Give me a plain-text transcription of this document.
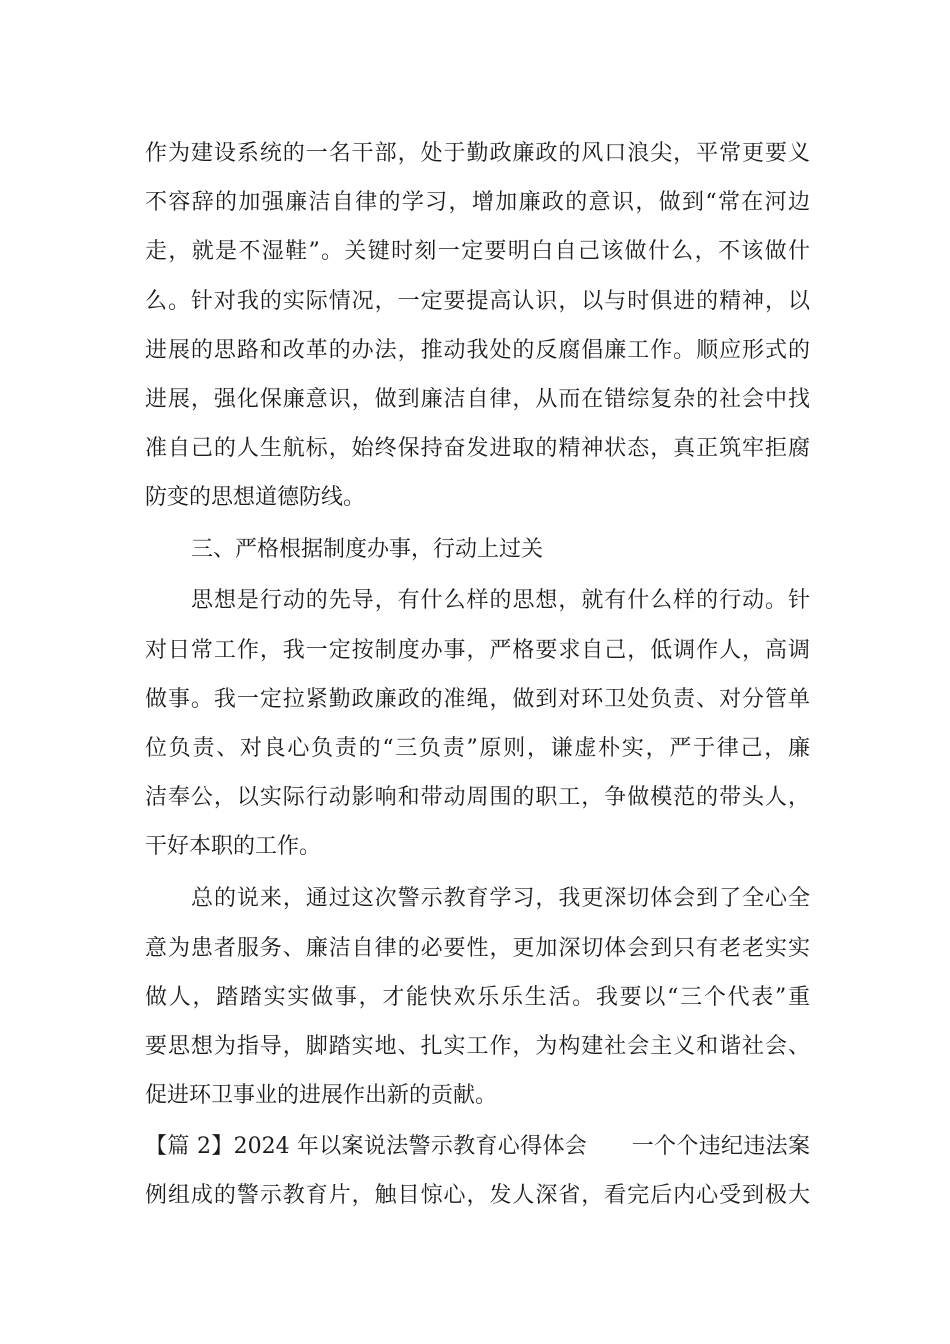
作为建设系统的一名干部，处于勤政廉政的风口浪尖，平常更要义
不容辞的加强廉洁自律的学习，增加廉政的意识，做到“常在河边
走，就是不湿鞋”。关键时刻一定要明白自己该做什么，不该做什
么。针对我的实际情况，一定要提高认识，以与时俱进的精神，以
进展的思路和改革的办法，推动我处的反腐倡廉工作。顺应形式的
进展，强化保廉意识，做到廉洁自律，从而在错综复杂的社会中找
准自己的人生航标，始终保持奋发进取的精神状态，真正筑牢拒腐
防变的思想道德防线。
三、严格根据制度办事，行动上过关
思想是行动的先导，有什么样的思想，就有什么样的行动。针
对日常工作，我一定按制度办事，严格要求自己，低调作人，高调
做事。我一定拉紧勤政廉政的准绳，做到对环卫处负责、对分管单
位负责、对良心负责的“三负责”原则，谦虚朴实，严于律己，廉
洁奉公，以实际行动影响和带动周围的职工，争做模范的带头人，
干好本职的工作。
总的说来，通过这次警示教育学习，我更深切体会到了全心全
意为患者服务、廉洁自律的必要性，更加深切体会到只有老老实实
做人，踏踏实实做事，才能快欢乐乐生活。我要以“三个代表”重
要思想为指导，脚踏实地、扎实工作，为构建社会主义和谐社会、
促进环卫事业的进展作出新的贡献。
【篇 2】2024 年以案说法警示教育心得体会　　一个个违纪违法案
例组成的警示教育片，触目惊心，发人深省，看完后内心受到极大
